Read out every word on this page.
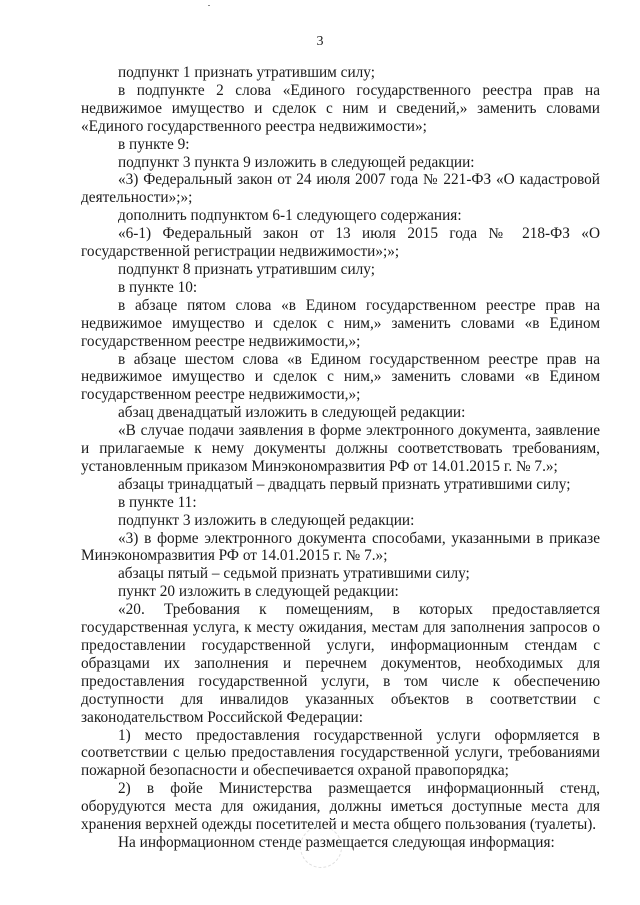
3

подпункт 1 признать утратившим силу;

в подпункте 2 слова «Единого государственного реестра прав на недвижимое имущество и сделок с ним и сведений,» заменить словами «Единого государственного реестра недвижимости»;

в пункте 9:

подпункт 3 пункта 9 изложить в следующей редакции:

«3) Федеральный закон от 24 июля 2007 года № 221-ФЗ «О кадастровой деятельности»;»;

дополнить подпунктом 6-1 следующего содержания:

«6-1) Федеральный закон от 13 июля 2015 года № 218-ФЗ «О государственной регистрации недвижимости»;»;

подпункт 8 признать утратившим силу;

в пункте 10:

в абзаце пятом слова «в Едином государственном реестре прав на недвижимое имущество и сделок с ним,» заменить словами «в Едином государственном реестре недвижимости,»;

в абзаце шестом слова «в Едином государственном реестре прав на недвижимое имущество и сделок с ним,» заменить словами «в Едином государственном реестре недвижимости,»;

абзац двенадцатый изложить в следующей редакции:

«В случае подачи заявления в форме электронного документа, заявление и прилагаемые к нему документы должны соответствовать требованиям, установленным приказом Минэкономразвития РФ от 14.01.2015 г. № 7.»;

абзацы тринадцатый – двадцать первый признать утратившими силу;

в пункте 11:

подпункт 3 изложить в следующей редакции:

«3) в форме электронного документа способами, указанными в приказе Минэкономразвития РФ от 14.01.2015 г. № 7.»;

абзацы пятый – седьмой признать утратившими силу;

пункт 20 изложить в следующей редакции:

«20. Требования к помещениям, в которых предоставляется государственная услуга, к месту ожидания, местам для заполнения запросов о предоставлении государственной услуги, информационным стендам с образцами их заполнения и перечнем документов, необходимых для предоставления государственной услуги, в том числе к обеспечению доступности для инвалидов указанных объектов в соответствии с законодательством Российской Федерации:

1) место предоставления государственной услуги оформляется в соответствии с целью предоставления государственной услуги, требованиями пожарной безопасности и обеспечивается охраной правопорядка;

2) в фойе Министерства размещается информационный стенд, оборудуются места для ожидания, должны иметься доступные места для хранения верхней одежды посетителей и места общего пользования (туалеты).

На информационном стенде размещается следующая информация:
